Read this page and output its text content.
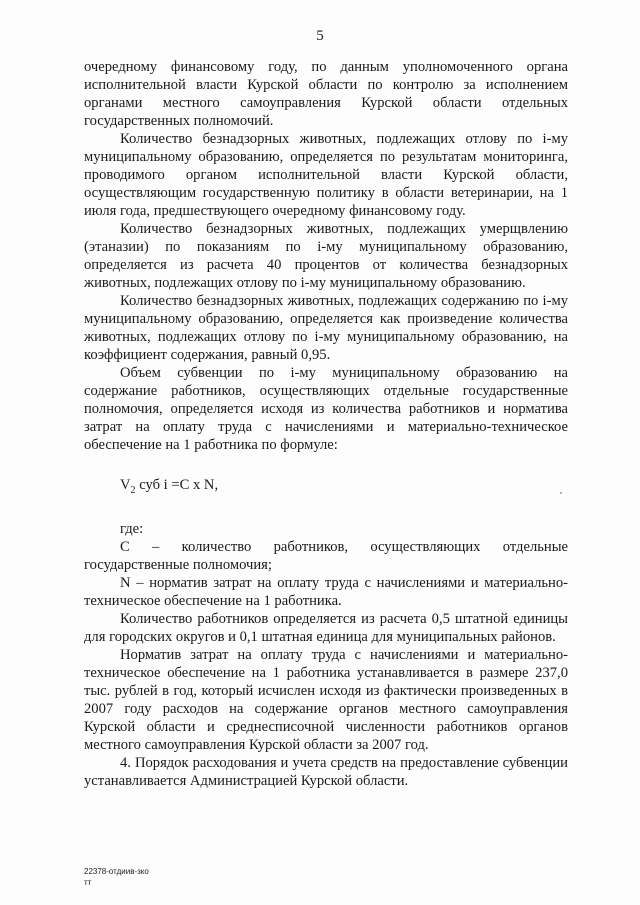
5

очередному финансовому году, по данным уполномоченного органа исполнительной власти Курской области по контролю за исполнением органами местного самоуправления Курской области отдельных государственных полномочий.

Количество безнадзорных животных, подлежащих отлову по i-му муниципальному образованию, определяется по результатам мониторинга, проводимого органом исполнительной власти Курской области, осуществляющим государственную политику в области ветеринарии, на 1 июля года, предшествующего очередному финансовому году.

Количество безнадзорных животных, подлежащих умерщвлению (этаназии) по показаниям по i-му муниципальному образованию, определяется из расчета 40 процентов от количества безнадзорных животных, подлежащих отлову по i-му муниципальному образованию.

Количество безнадзорных животных, подлежащих содержанию по i-му муниципальному образованию, определяется как произведение количества животных, подлежащих отлову по i-му муниципальному образованию, на коэффициент содержания, равный 0,95.

Объем субвенции по i-му муниципальному образованию на содержание работников, осуществляющих отдельные государственные полномочия, определяется исходя из количества работников и норматива затрат на оплату труда с начислениями и материально-техническое обеспечение на 1 работника по формуле:

$V_2$ суб i =С х N,

где:

С – количество работников, осуществляющих отдельные государственные полномочия;

N – норматив затрат на оплату труда с начислениями и материально-техническое обеспечение на 1 работника.

Количество работников определяется из расчета 0,5 штатной единицы для городских округов и 0,1 штатная единица для муниципальных районов.

Норматив затрат на оплату труда с начислениями и материально-техническое обеспечение на 1 работника устанавливается в размере 237,0 тыс. рублей в год, который исчислен исходя из фактически произведенных в 2007 году расходов на содержание органов местного самоуправления Курской области и среднесписочной численности работников органов местного самоуправления Курской области за 2007 год.

4. Порядок расходования и учета средств на предоставление субвенции устанавливается Администрацией Курской области.

22378-отдиив-зко
тт
